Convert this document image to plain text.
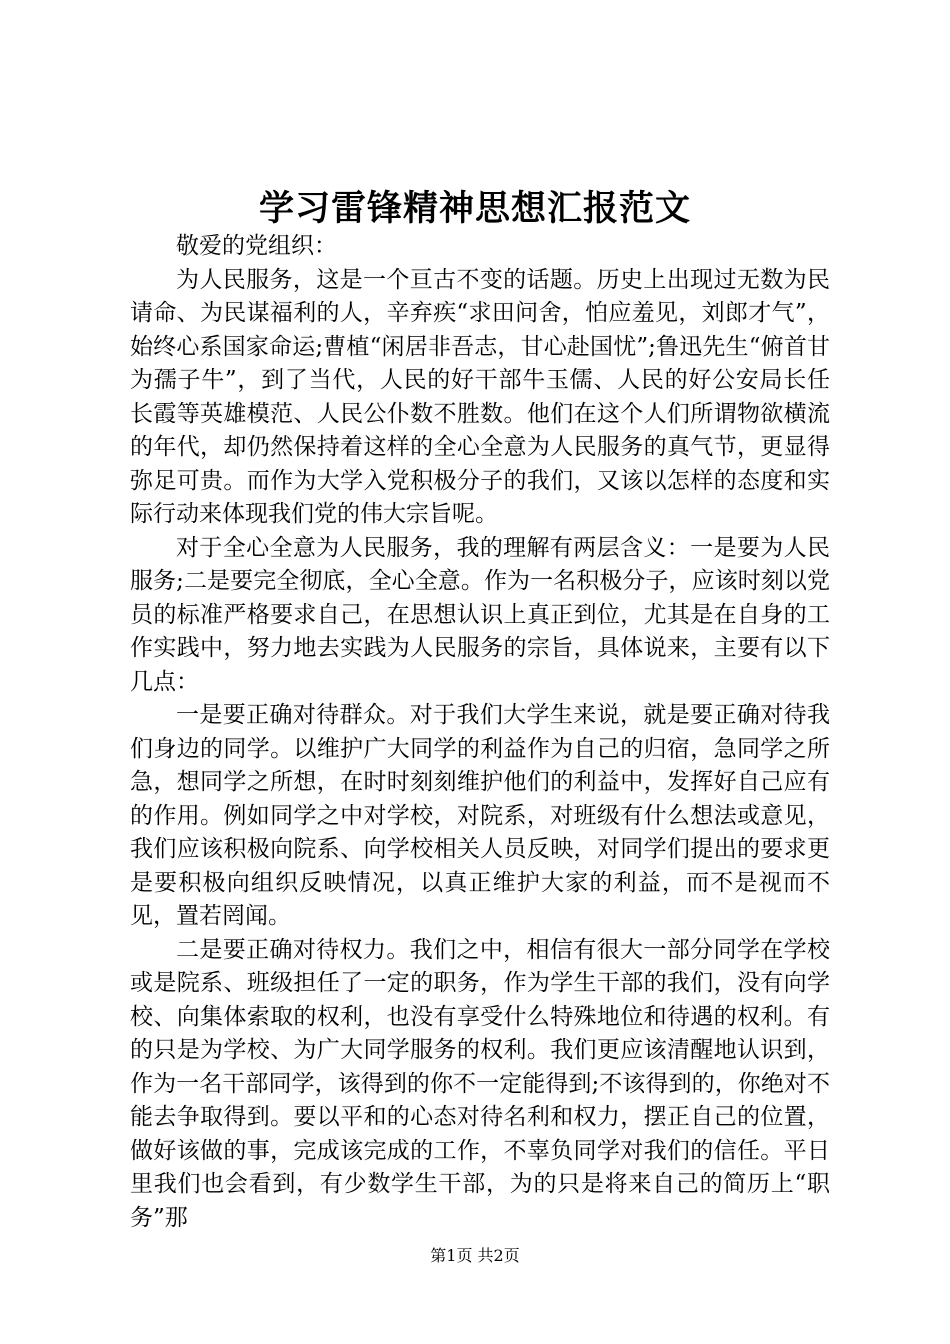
学习雷锋精神思想汇报范文

敬爱的党组织：

为人民服务，这是一个亘古不变的话题。历史上出现过无数为民请命、为民谋福利的人，辛弃疾“求田问舍，怕应羞见，刘郎才气”，始终心系国家命运;曹植“闲居非吾志，甘心赴国忧”;鲁迅先生“俯首甘为孺子牛”，到了当代，人民的好干部牛玉儒、人民的好公安局长任长霞等英雄模范、人民公仆数不胜数。他们在这个人们所谓物欲横流的年代，却仍然保持着这样的全心全意为人民服务的真气节，更显得弥足可贵。而作为大学入党积极分子的我们，又该以怎样的态度和实际行动来体现我们党的伟大宗旨呢。

对于全心全意为人民服务，我的理解有两层含义：一是要为人民服务;二是要完全彻底，全心全意。作为一名积极分子，应该时刻以党员的标准严格要求自己，在思想认识上真正到位，尤其是在自身的工作实践中，努力地去实践为人民服务的宗旨，具体说来，主要有以下几点：

一是要正确对待群众。对于我们大学生来说，就是要正确对待我们身边的同学。以维护广大同学的利益作为自己的归宿，急同学之所急，想同学之所想，在时时刻刻维护他们的利益中，发挥好自己应有的作用。例如同学之中对学校，对院系，对班级有什么想法或意见，我们应该积极向院系、向学校相关人员反映，对同学们提出的要求更是要积极向组织反映情况，以真正维护大家的利益，而不是视而不见，置若罔闻。

二是要正确对待权力。我们之中，相信有很大一部分同学在学校或是院系、班级担任了一定的职务，作为学生干部的我们，没有向学校、向集体索取的权利，也没有享受什么特殊地位和待遇的权利。有的只是为学校、为广大同学服务的权利。我们更应该清醒地认识到，作为一名干部同学，该得到的你不一定能得到;不该得到的，你绝对不能去争取得到。要以平和的心态对待名利和权力，摆正自己的位置，做好该做的事，完成该完成的工作，不辜负同学对我们的信任。平日里我们也会看到，有少数学生干部，为的只是将来自己的简历上“职务”那

第1页 共2页
